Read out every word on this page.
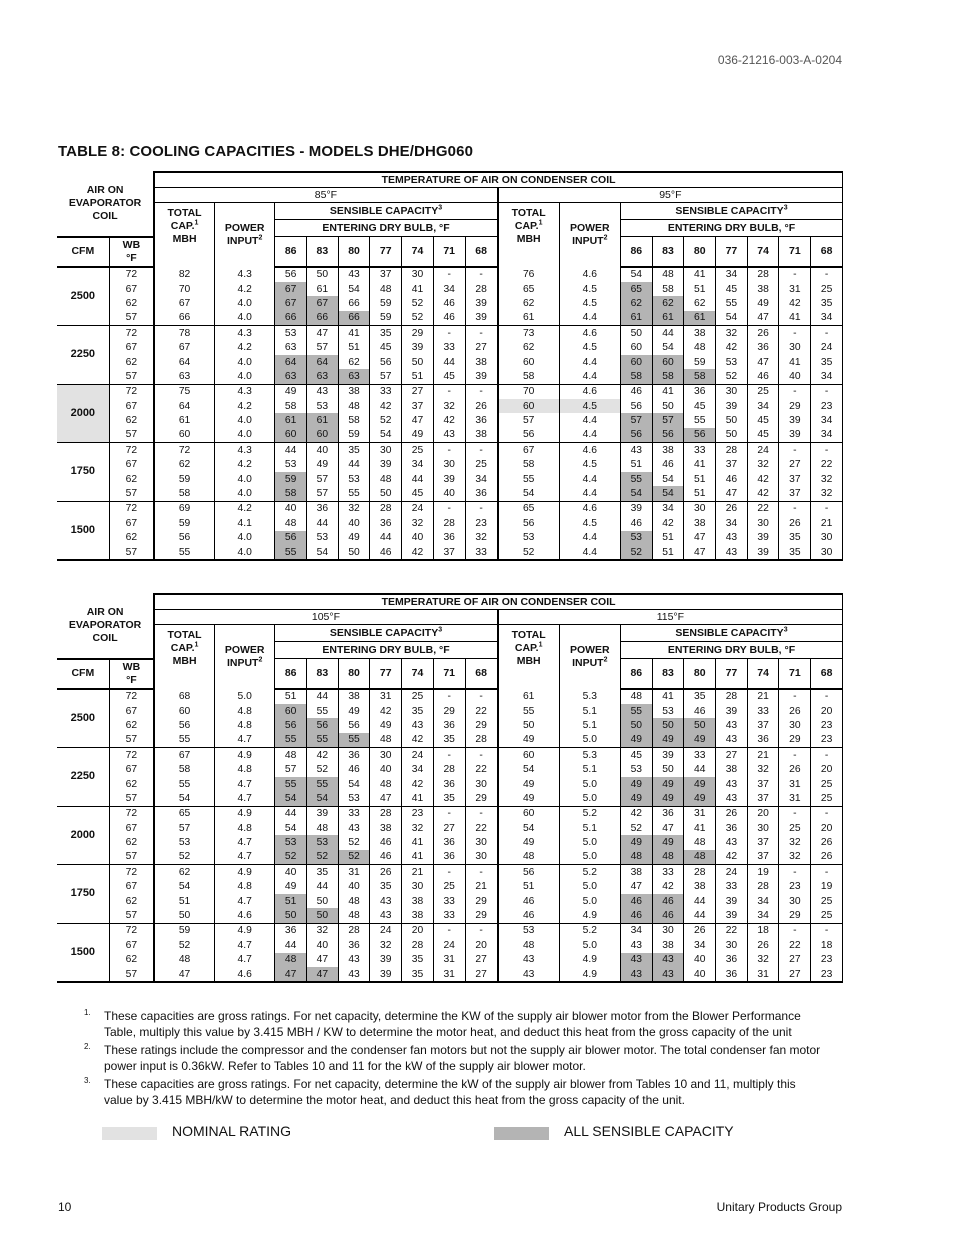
036-21216-003-A-0204
TABLE 8: COOLING CAPACITIES - MODELS DHE/DHG060
AIR ON
EVAPORATOR
COIL		TEMPERATURE OF AIR ON CONDENSER COIL																	
		85°F									95°F								
		TOTAL
CAP.$^1$
MBH	POWER
INPUT$^2$	SENSIBLE CAPACITY$^3$							TOTAL
CAP.$^1$
MBH	POWER
INPUT$^2$	SENSIBLE CAPACITY$^3$
				ENTERING DRY BULB, °F									ENTERING DRY BULB, °F						
CFM	WB
°F			86	83	80	77	74	71	68			86	83	80	77	74	71	68
2500	72	82	4.3	56	50	43	37	30	-	-	76	4.6	54	48	41	34	28	-	-
	67	70	4.2	67	61	54	48	41	34	28	65	4.5	65	58	51	45	38	31	25
	62	67	4.0	67	67	66	59	52	46	39	62	4.5	62	62	62	55	49	42	35
	57	66	4.0	66	66	66	59	52	46	39	61	4.4	61	61	61	54	47	41	34
2250	72	78	4.3	53	47	41	35	29	-	-	73	4.6	50	44	38	32	26	-	-
	67	67	4.2	63	57	51	45	39	33	27	62	4.5	60	54	48	42	36	30	24
	62	64	4.0	64	64	62	56	50	44	38	60	4.4	60	60	59	53	47	41	35
	57	63	4.0	63	63	63	57	51	45	39	58	4.4	58	58	58	52	46	40	34
2000	72	75	4.3	49	43	38	33	27	-	-	70	4.6	46	41	36	30	25	-	-
	67	64	4.2	58	53	48	42	37	32	26	60	4.5	56	50	45	39	34	29	23
	62	61	4.0	61	61	58	52	47	42	36	57	4.4	57	57	55	50	45	39	34
	57	60	4.0	60	60	59	54	49	43	38	56	4.4	56	56	56	50	45	39	34
1750	72	72	4.3	44	40	35	30	25	-	-	67	4.6	43	38	33	28	24	-	-
	67	62	4.2	53	49	44	39	34	30	25	58	4.5	51	46	41	37	32	27	22
	62	59	4.0	59	57	53	48	44	39	34	55	4.4	55	54	51	46	42	37	32
	57	58	4.0	58	57	55	50	45	40	36	54	4.4	54	54	51	47	42	37	32
1500	72	69	4.2	40	36	32	28	24	-	-	65	4.6	39	34	30	26	22	-	-
	67	59	4.1	48	44	40	36	32	28	23	56	4.5	46	42	38	34	30	26	21
	62	56	4.0	56	53	49	44	40	36	32	53	4.4	53	51	47	43	39	35	30
	57	55	4.0	55	54	50	46	42	37	33	52	4.4	52	51	47	43	39	35	30
AIR ON
EVAPORATOR
COIL		TEMPERATURE OF AIR ON CONDENSER COIL																	
		105°F									115°F								
		TOTAL
CAP.$^1$
MBH	POWER
INPUT$^2$	SENSIBLE CAPACITY$^3$							TOTAL
CAP.$^1$
MBH	POWER
INPUT$^2$	SENSIBLE CAPACITY$^3$
				ENTERING DRY BULB, °F									ENTERING DRY BULB, °F						
CFM	WB
°F			86	83	80	77	74	71	68			86	83	80	77	74	71	68
2500	72	68	5.0	51	44	38	31	25	-	-	61	5.3	48	41	35	28	21	-	-
	67	60	4.8	60	55	49	42	35	29	22	55	5.1	55	53	46	39	33	26	20
	62	56	4.8	56	56	56	49	43	36	29	50	5.1	50	50	50	43	37	30	23
	57	55	4.7	55	55	55	48	42	35	28	49	5.0	49	49	49	43	36	29	23
2250	72	67	4.9	48	42	36	30	24	-	-	60	5.3	45	39	33	27	21	-	-
	67	58	4.8	57	52	46	40	34	28	22	54	5.1	53	50	44	38	32	26	20
	62	55	4.7	55	55	54	48	42	36	30	49	5.0	49	49	49	43	37	31	25
	57	54	4.7	54	54	53	47	41	35	29	49	5.0	49	49	49	43	37	31	25
2000	72	65	4.9	44	39	33	28	23	-	-	60	5.2	42	36	31	26	20	-	-
	67	57	4.8	54	48	43	38	32	27	22	54	5.1	52	47	41	36	30	25	20
	62	53	4.7	53	53	52	46	41	36	30	49	5.0	49	49	48	43	37	32	26
	57	52	4.7	52	52	52	46	41	36	30	48	5.0	48	48	48	42	37	32	26
1750	72	62	4.9	40	35	31	26	21	-	-	56	5.2	38	33	28	24	19	-	-
	67	54	4.8	49	44	40	35	30	25	21	51	5.0	47	42	38	33	28	23	19
	62	51	4.7	51	50	48	43	38	33	29	46	5.0	46	46	44	39	34	30	25
	57	50	4.6	50	50	48	43	38	33	29	46	4.9	46	46	44	39	34	29	25
1500	72	59	4.9	36	32	28	24	20	-	-	53	5.2	34	30	26	22	18	-	-
	67	52	4.7	44	40	36	32	28	24	20	48	5.0	43	38	34	30	26	22	18
	62	48	4.7	48	47	43	39	35	31	27	43	4.9	43	43	40	36	32	27	23
	57	47	4.6	47	47	43	39	35	31	27	43	4.9	43	43	40	36	31	27	23
1. These capacities are gross ratings. For net capacity, determine the KW of the supply air blower motor from the Blower Performance Table, multiply this value by 3.415 MBH / KW to determine the motor heat, and deduct this heat from the gross capacity of the unit
2. These ratings include the compressor and the condenser fan motors but not the supply air blower motor. The total condenser fan motor power input is 0.36kW. Refer to Tables 10 and 11 for the kW of the supply air blower motor.
3. These capacities are gross ratings. For net capacity, determine the kW of the supply air blower from Tables 10 and 11, multiply this value by 3.415 MBH/kW to determine the motor heat, and deduct this heat from the gross capacity of the unit.
NOMINAL RATING	ALL SENSIBLE CAPACITY
10	Unitary Products Group
